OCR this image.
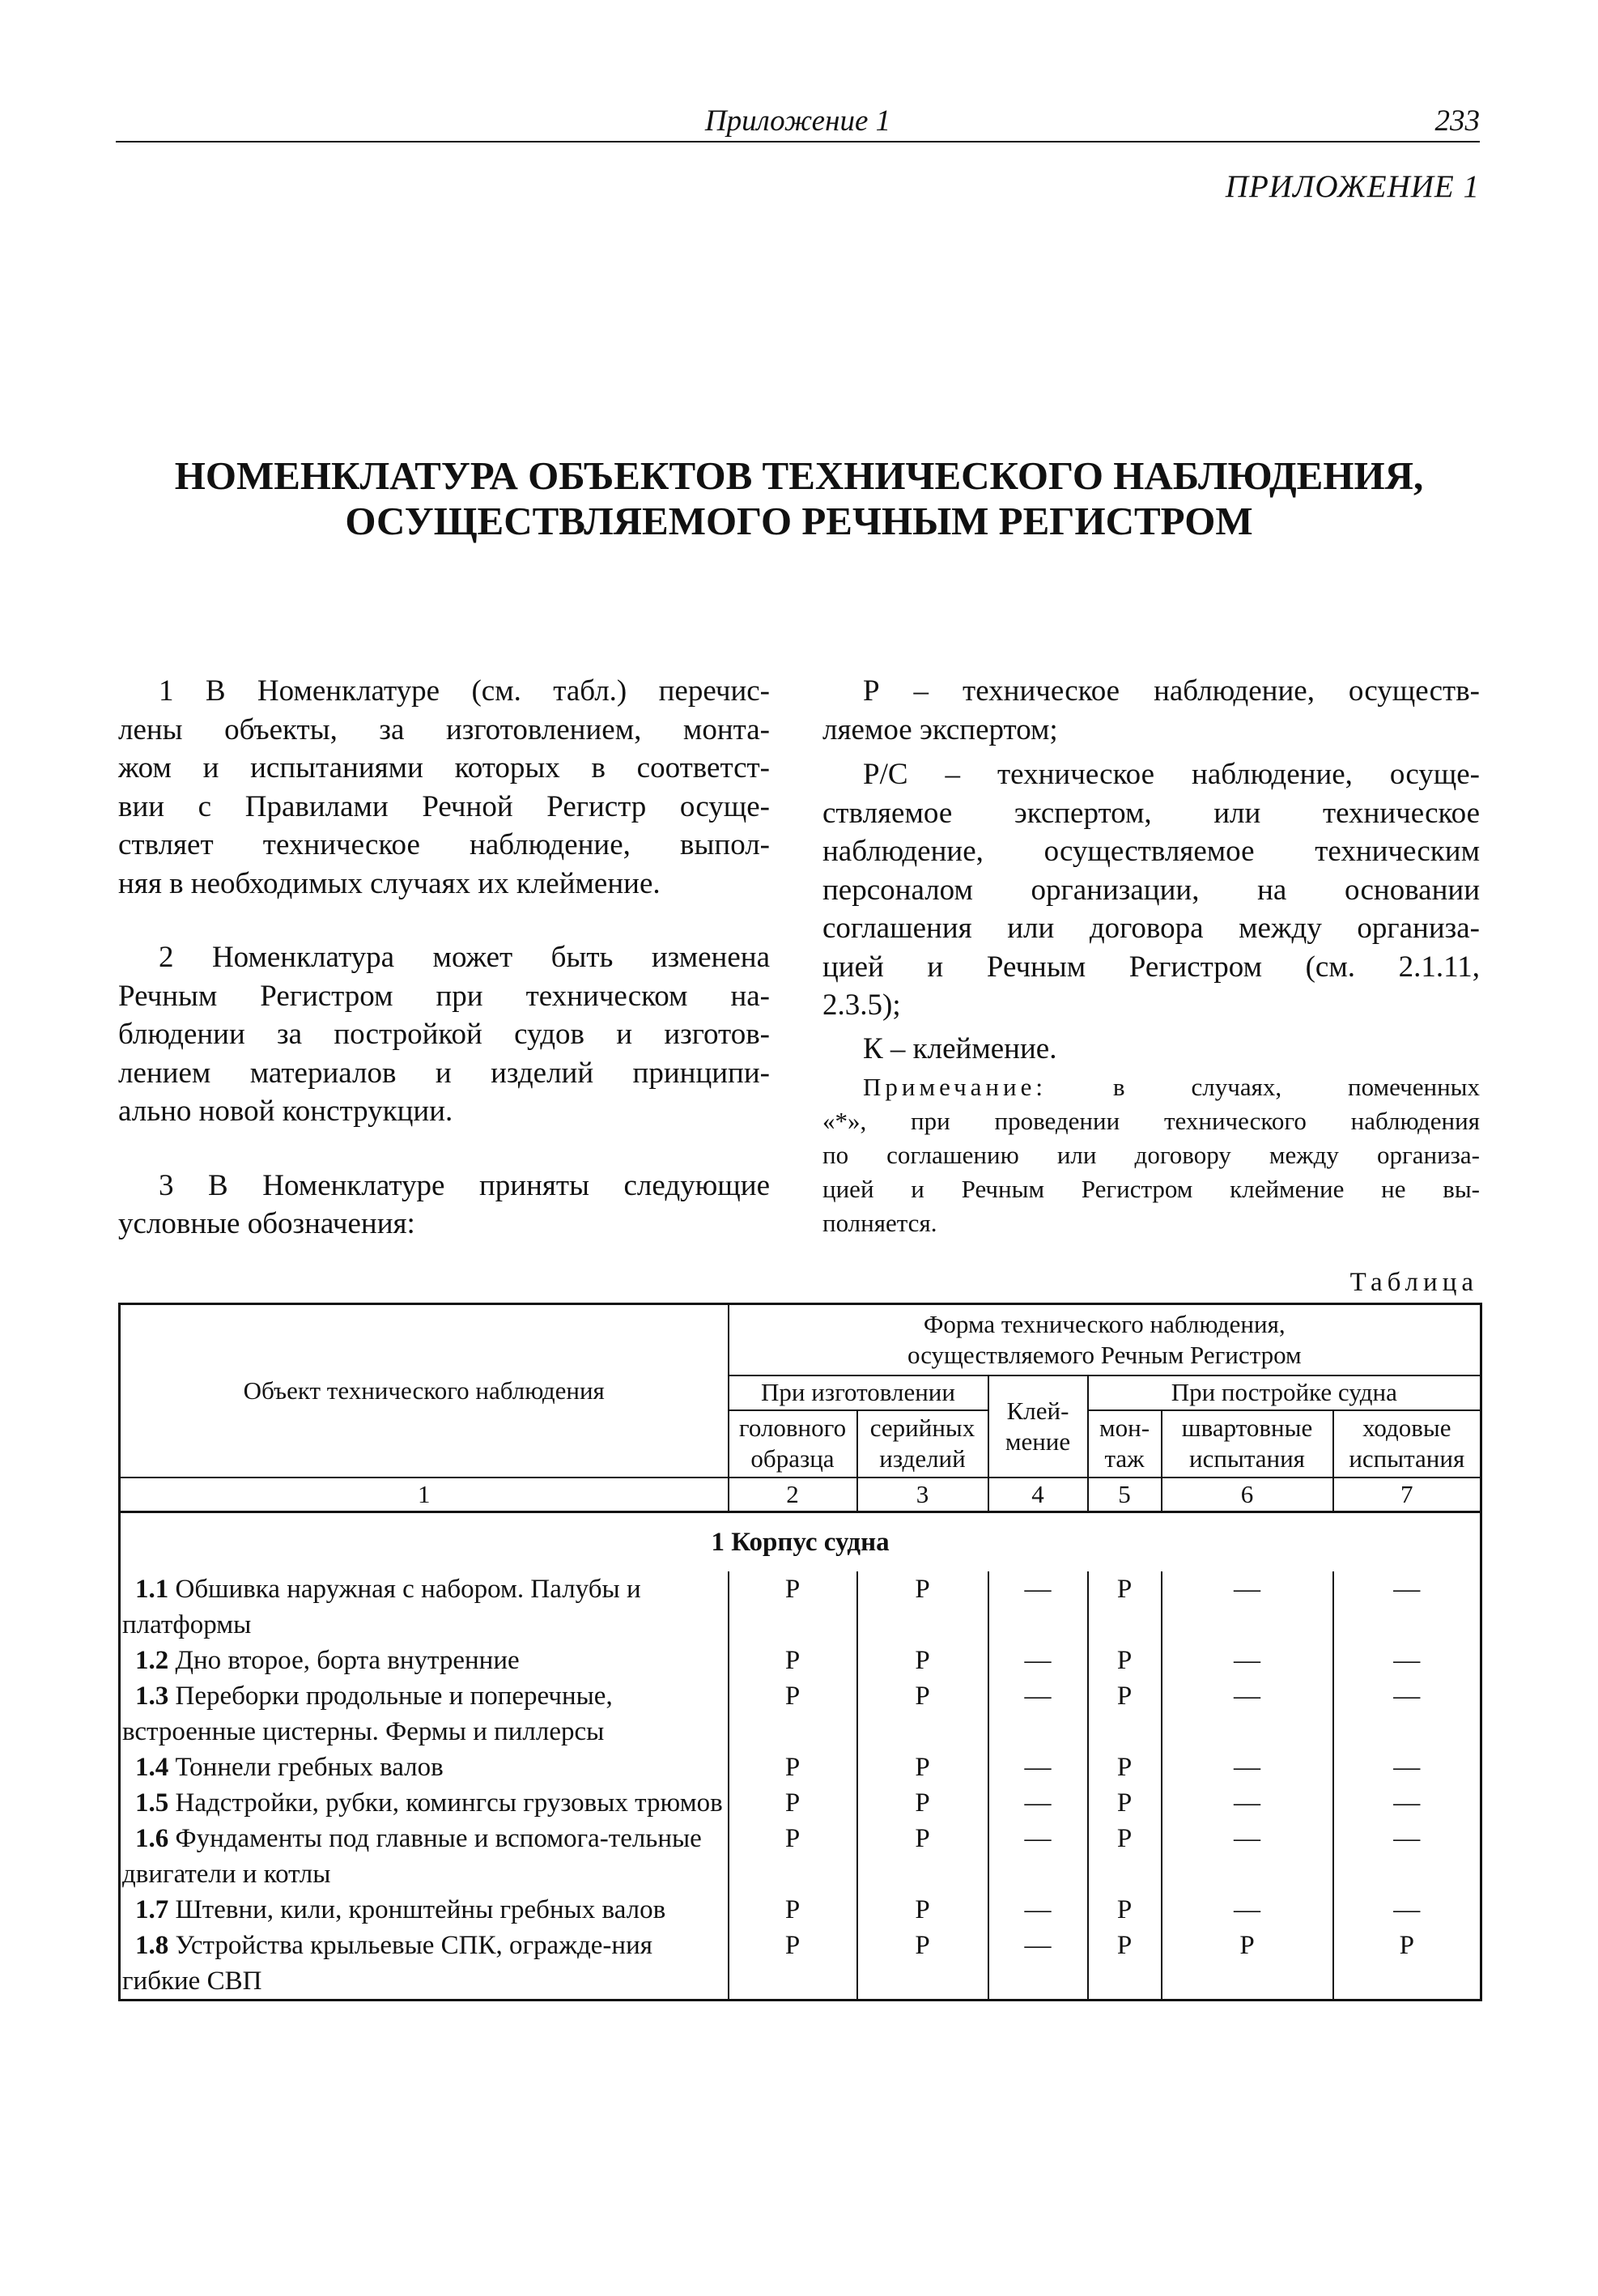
Приложение 1	233
ПРИЛОЖЕНИЕ 1
НОМЕНКЛАТУРА ОБЪЕКТОВ ТЕХНИЧЕСКОГО НАБЛЮДЕНИЯ,
ОСУЩЕСТВЛЯЕМОГО РЕЧНЫМ РЕГИСТРОМ
1 В Номенклатуре (см. табл.) перечис-
лены объекты, за изготовлением, монта-
жом и испытаниями которых в соответст-
вии с Правилами Речной Регистр осуще-
ствляет техническое наблюдение, выпол-
няя в необходимых случаях их клеймение.
2 Номенклатура может быть изменена
Речным Регистром при техническом на-
блюдении за постройкой судов и изготов-
лением материалов и изделий принципи-
ально новой конструкции.
3 В Номенклатуре приняты следующие
условные обозначения:
Р – техническое наблюдение, осуществ-
ляемое экспертом;
Р/С – техническое наблюдение, осуще-
ствляемое экспертом, или техническое
наблюдение, осуществляемое техническим
персоналом организации, на основании
соглашения или договора между организа-
цией и Речным Регистром (см. 2.1.11,
2.3.5);
К – клеймение.
Примечание: в случаях, помеченных
«*», при проведении технического наблюдения
по соглашению или договору между организа-
цией и Речным Регистром клеймение не вы-
полняется.
Таблица
Объект технического наблюдения	Форма технического наблюдения, осуществляемого Речным Регистром					
	При изготовлении		Клей-мение	При постройке судна		
	головного образца	серийных изделий		мон-таж	швартовные испытания	ходовые испытания
1	2	3	4	5	6	7
1 Корпус судна						

1.1 Обшивка наружная с набором. Палубы и платформы	Р	Р	—	Р	—	—

1.2 Дно второе, борта внутренние	Р	Р	—	Р	—	—

1.3 Переборки продольные и поперечные, встроенные цистерны. Фермы и пиллерсы	Р	Р	—	Р	—	—

1.4 Тоннели гребных валов	Р	Р	—	Р	—	—

1.5 Надстройки, рубки, комингсы грузовых трюмов	Р	Р	—	Р	—	—

1.6 Фундаменты под главные и вспомога-тельные двигатели и котлы	Р	Р	—	Р	—	—

1.7 Штевни, кили, кронштейны гребных валов	Р	Р	—	Р	—	—

1.8 Устройства крыльевые СПК, огражде-ния гибкие СВП	Р	Р	—	Р	Р	Р
